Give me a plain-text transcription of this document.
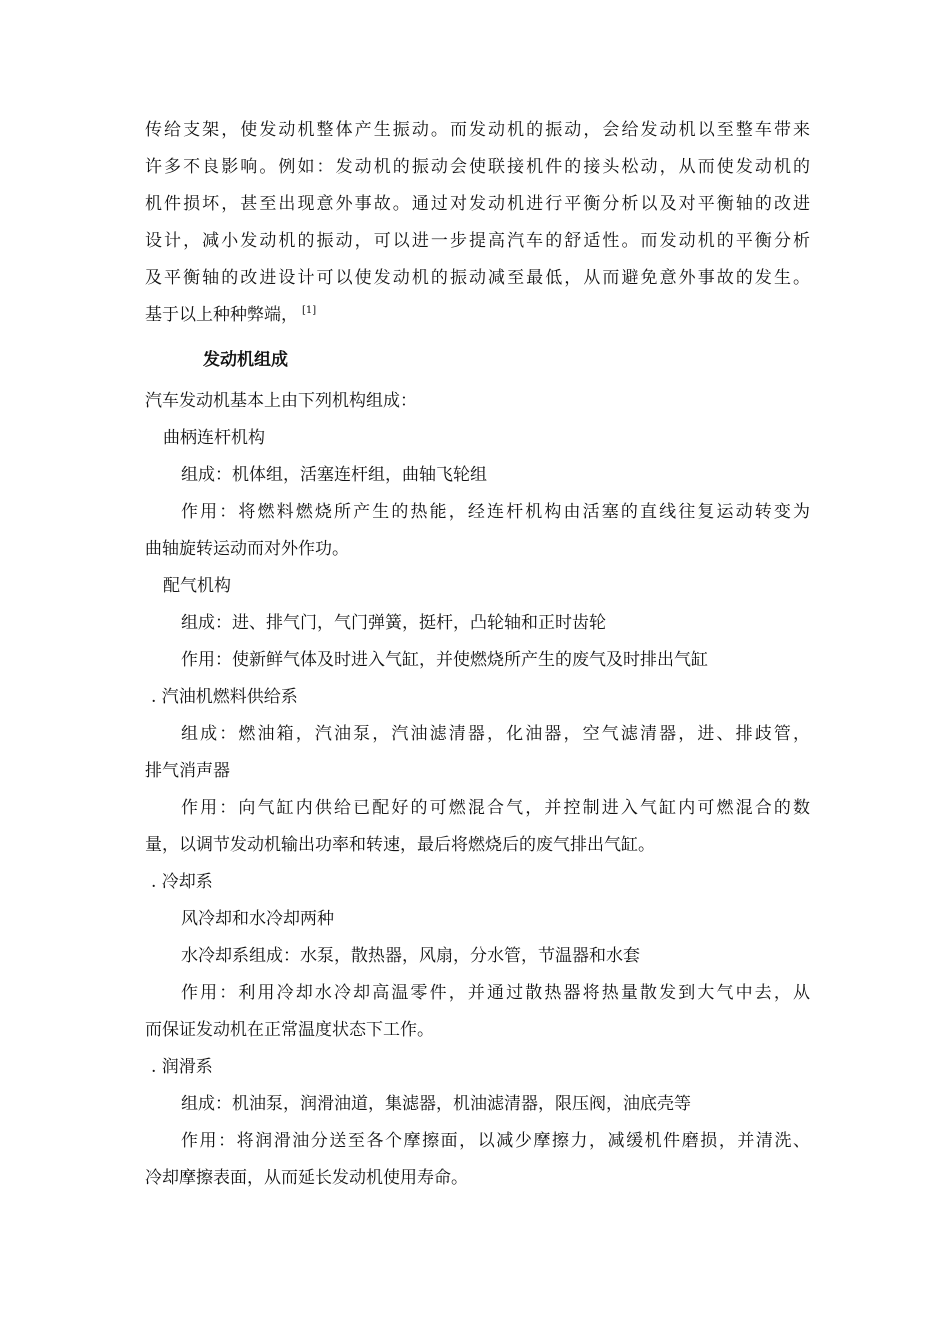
传给支架，使发动机整体产生振动。而发动机的振动，会给发动机以至整车带来
许多不良影响。例如：发动机的振动会使联接机件的接头松动，从而使发动机的
机件损坏，甚至出现意外事故。通过对发动机进行平衡分析以及对平衡轴的改进
设计，减小发动机的振动，可以进一步提高汽车的舒适性。而发动机的平衡分析
及平衡轴的改进设计可以使发动机的振动减至最低，从而避免意外事故的发生。
基于以上种种弊端， [1]
发动机组成
汽车发动机基本上由下列机构组成：
曲柄连杆机构
组成：机体组，活塞连杆组，曲轴飞轮组
作用：将燃料燃烧所产生的热能，经连杆机构由活塞的直线往复运动转变为
曲轴旋转运动而对外作功。
配气机构
组成：进、排气门，气门弹簧，挺杆，凸轮轴和正时齿轮
作用：使新鲜气体及时进入气缸，并使燃烧所产生的废气及时排出气缸
. 汽油机燃料供给系
组成：燃油箱，汽油泵，汽油滤清器，化油器，空气滤清器，进、排歧管，
排气消声器
作用：向气缸内供给已配好的可燃混合气，并控制进入气缸内可燃混合的数
量，以调节发动机输出功率和转速，最后将燃烧后的废气排出气缸。
. 冷却系
风冷却和水冷却两种
水冷却系组成：水泵，散热器，风扇，分水管，节温器和水套
作用：利用冷却水冷却高温零件，并通过散热器将热量散发到大气中去，从
而保证发动机在正常温度状态下工作。
. 润滑系
组成：机油泵，润滑油道，集滤器，机油滤清器，限压阀，油底壳等
作用：将润滑油分送至各个摩擦面，以减少摩擦力，减缓机件磨损，并清洗、
冷却摩擦表面，从而延长发动机使用寿命。
